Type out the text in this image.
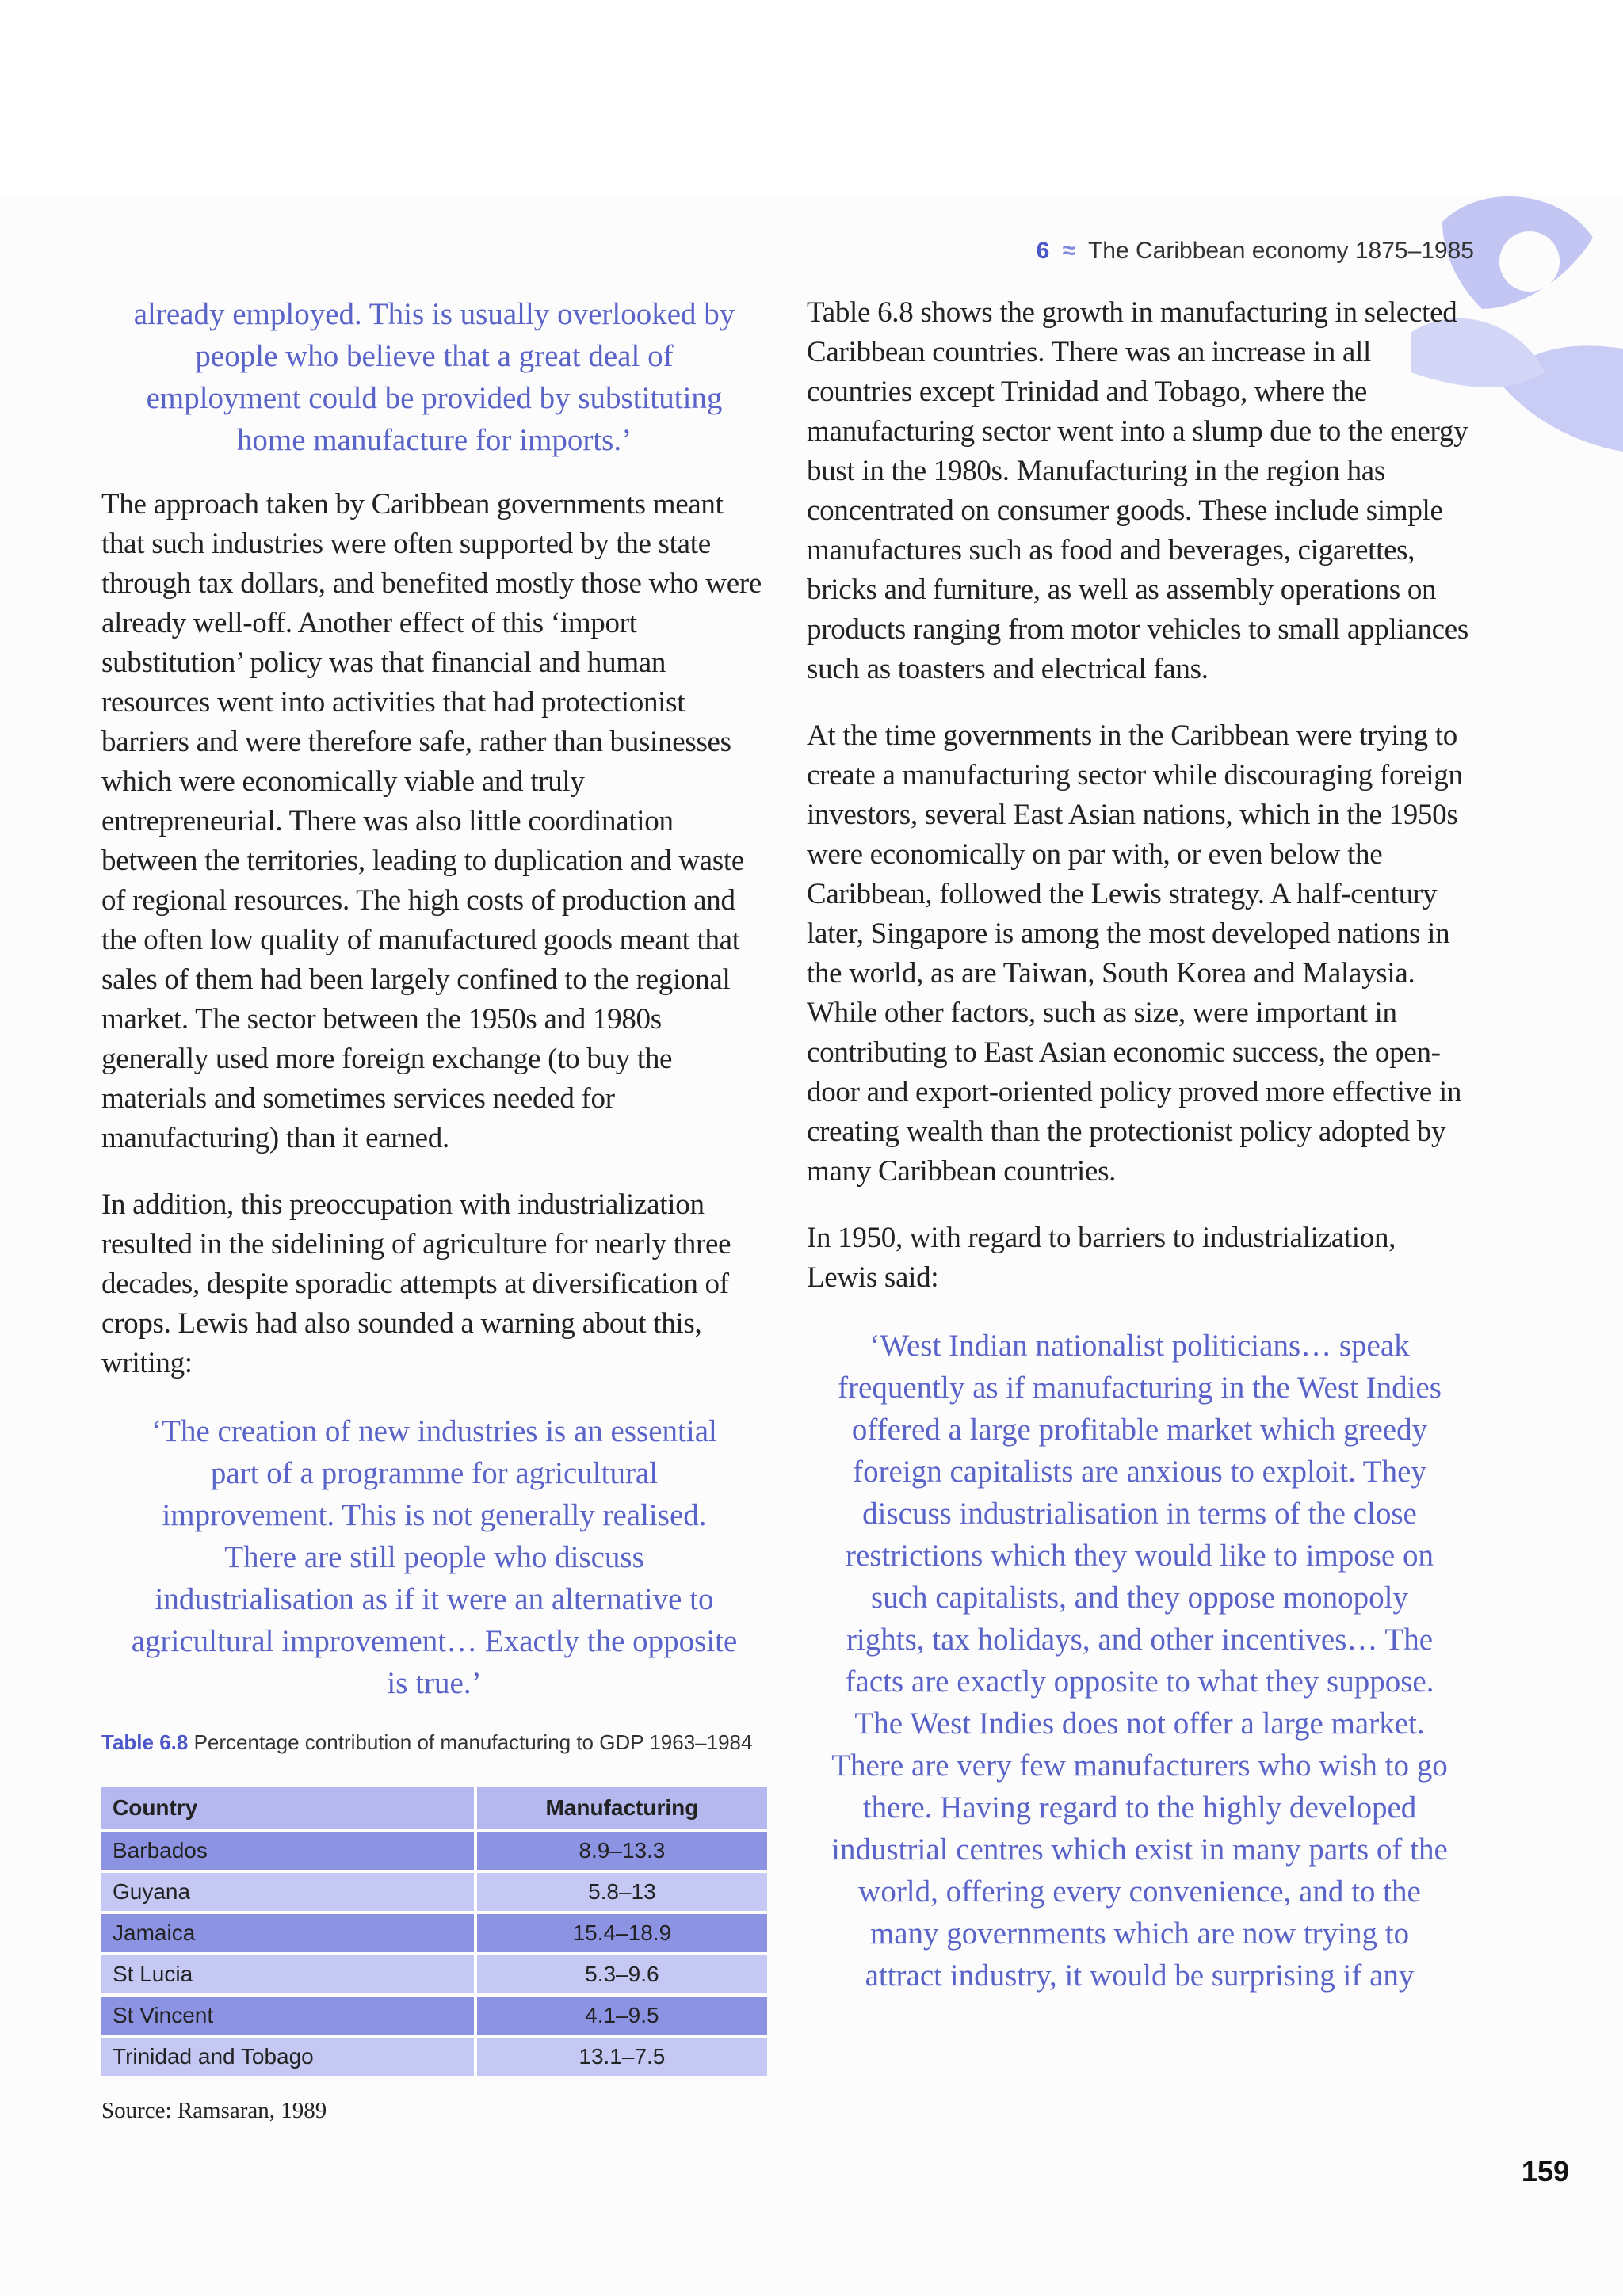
6 ≈ The Caribbean economy 1875–1985

already employed. This is usually overlooked by people who believe that a great deal of employment could be provided by substituting home manufacture for imports.’

The approach taken by Caribbean governments meant that such industries were often supported by the state through tax dollars, and benefited mostly those who were already well-off. Another effect of this ‘import substitution’ policy was that financial and human resources went into activities that had protectionist barriers and were therefore safe, rather than businesses which were economically viable and truly entrepreneurial. There was also little coordination between the territories, leading to duplication and waste of regional resources. The high costs of production and the often low quality of manufactured goods meant that sales of them had been largely confined to the regional market. The sector between the 1950s and 1980s generally used more foreign exchange (to buy the materials and sometimes services needed for manufacturing) than it earned.

In addition, this preoccupation with industrialization resulted in the sidelining of agriculture for nearly three decades, despite sporadic attempts at diversification of crops. Lewis had also sounded a warning about this, writing:

‘The creation of new industries is an essential part of a programme for agricultural improvement. This is not generally realised. There are still people who discuss industrialisation as if it were an alternative to agricultural improvement… Exactly the opposite is true.’

Table 6.8 Percentage contribution of manufacturing to GDP 1963–1984
Country	Manufacturing
Barbados	8.9–13.3
Guyana	5.8–13
Jamaica	15.4–18.9
St Lucia	5.3–9.6
St Vincent	4.1–9.5
Trinidad and Tobago	13.1–7.5
Source: Ramsaran, 1989

Table 6.8 shows the growth in manufacturing in selected Caribbean countries. There was an increase in all countries except Trinidad and Tobago, where the manufacturing sector went into a slump due to the energy bust in the 1980s. Manufacturing in the region has concentrated on consumer goods. These include simple manufactures such as food and beverages, cigarettes, bricks and furniture, as well as assembly operations on products ranging from motor vehicles to small appliances such as toasters and electrical fans.

At the time governments in the Caribbean were trying to create a manufacturing sector while discouraging foreign investors, several East Asian nations, which in the 1950s were economically on par with, or even below the Caribbean, followed the Lewis strategy. A half-century later, Singapore is among the most developed nations in the world, as are Taiwan, South Korea and Malaysia. While other factors, such as size, were important in contributing to East Asian economic success, the open-door and export-oriented policy proved more effective in creating wealth than the protectionist policy adopted by many Caribbean countries.

In 1950, with regard to barriers to industrialization, Lewis said:

‘West Indian nationalist politicians… speak frequently as if manufacturing in the West Indies offered a large profitable market which greedy foreign capitalists are anxious to exploit. They discuss industrialisation in terms of the close restrictions which they would like to impose on such capitalists, and they oppose monopoly rights, tax holidays, and other incentives… The facts are exactly opposite to what they suppose. The West Indies does not offer a large market. There are very few manufacturers who wish to go there. Having regard to the highly developed industrial centres which exist in many parts of the world, offering every convenience, and to the many governments which are now trying to attract industry, it would be surprising if any

159
